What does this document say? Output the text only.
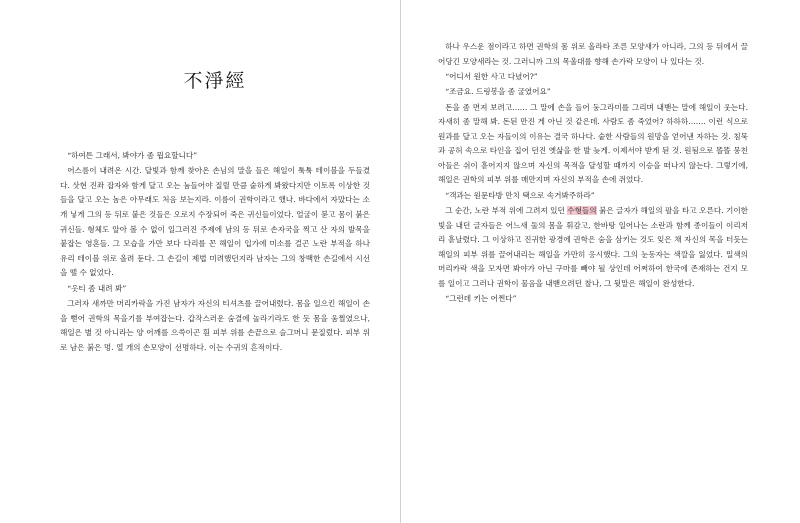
不淨經

“하여튼 그래서, 봐야가 좀 뭡요할니다”

어스름이 내려온 시간. 달빛과 함께 찾아온 손님의 말을 들은 해일이 툭툭 테이블을 두들겼다. 삿현 진좌 잡자와 함게 달고 오는 눔들어야 질릴 만큼 숱하게 봐왔다지만 이토록 이상한 것들을 달고 오는 놈은 아무래도 처음 보는지라. 이름이 권학이라고 했나. 바다에서 자맜다는 소개 닣게 그의 등 뒤로 붙은 것들은 오로지 수장되어 죽은 귀신들이었다. 얼굴이 붇고 몸이 붉은 귀신들. 형체도 알아 볼 수 없이 일그러진 주제에 남의 등 뒤로 손자국을 찍고 산 자의 발목을 붙잡는 영혼들. 그 모습을 가만 보다 다리를 꼰 해일이 입가에 미소를 걸곤 노란 부적을 하나 유리 테이블 위로 올려 둔다. 그 손길이 제법 미려했던지라 남자는 그의 창백한 손길에서 시선을 뗄 수 없었다.

“옷티 좀 내려 봐”

그러자 새까만 머리카락을 가진 남자가 자신의 티셔츠를 끌어내렸다. 몸을 일으킨 해일이 손을 뻗어 권학의 목을기를 부여잡는다. 갑작스러운 숨결에 놀라기라도 한 듯 몸을 움찔였으나, 해일은 별 것 아니라는 양 어깨를 으쓱이곤 흰 피부 위를 손끝으로 슬그머니 문질렀다. 피부 위로 남은 붉은 멍. 열 개의 손모양이 선명하다. 이는 수귀의 흔적이다.

하나 우스운 점이라고 하면 권학의 몸 위로 올라타 조른 모양새가 아니라, 그의 등 뒤에서 끌어당긴 모양새라는 것. 그러니까 그의 목울대를 향해 손가락 모양이 나 있다는 것.

“어디서 원한 사고 다녔어?”

“조금요. 드링봉을 좀 굴였어요”

돈을 좀 면져 보려고…… 그 말에 손을 들어 둥그라미를 그리며 내밷는 말에 해일이 웃는다. 자새히 좀 말해 봐. 돈된 만진 게 아닌 것 같은데. 사람도 좀 죽었어? 하하하……. 이런 식으로 원과를 달고 오는 자들이의 이유는 결국 하나다. 숱한 사람들의 원망을 얻어낸 자하는 것. 침묵과 공허 속으로 타인을 집어 던진 옛삶을 한 발 늦게. 이제서야 받게 된 것. 원됨으로 똘똘 뭉친 아들은 쉬이 흩어지지 않으며 자신의 목적을 달성할 때까지 이승을 떠나지 않는다. 그렇기에, 해일은 권학의 피부 위를 매만지며 자신의 부적을 손에 쥐었다.

“객과는 원문타방 만치 택으로 속거봐주하라”

그 순간, 노란 부적 위에 그려져 있던 수형들의 붉은 글자가 해일의 팔을 타고 오른다. 기이한 빛을 내던 글자들은 어느새 둘의 몸을 휘감고, 한바탕 일어나는 소란과 함께 종이들이 이리저리 흩날렸다. 그 이상하고 진귀한 광경에 권학은 숨을 삼키는 것도 잊은 채 자신의 목을 터듯는 해일의 피부 위를 끌어내리는 해일을 가만히 응시했다. 그의 눈동자는 색깔을 잃었다. 밀색의 머리카락 색을 모자면 봐야가 아닌 구마를 빼야 될 상인데 어쩌하여 한국에 존재하는 건지 모를 일이고 그러나 권학이 물음을 내밷으려던 찰나, 그 뒷말은 해일이 완성한다.

“그런데 키는 어쩐다”
